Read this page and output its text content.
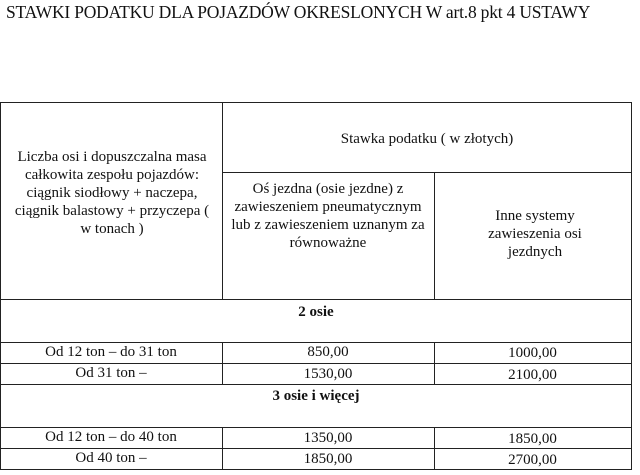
STAWKI PODATKU DLA POJAZDÓW OKRESLONYCH W art.8 pkt 4 USTAWY
Liczba osi i dopuszczalna masa całkowita zespołu pojazdów: ciągnik siodłowy + naczepa, ciągnik balastowy + przyczepa ( w tonach )
Stawka podatku ( w złotych)
Oś jezdna (osie jezdne) z zawieszeniem pneumatycznym lub z zawieszeniem uznanym za równoważne
Inne systemy zawieszenia osi jezdnych
2 osie
Od 12 ton – do 31 ton	850,00	1000,00
Od 31 ton –	1530,00	2100,00
3 osie i więcej
Od 12 ton – do 40 ton	1350,00	1850,00
Od 40 ton –	1850,00	2700,00
